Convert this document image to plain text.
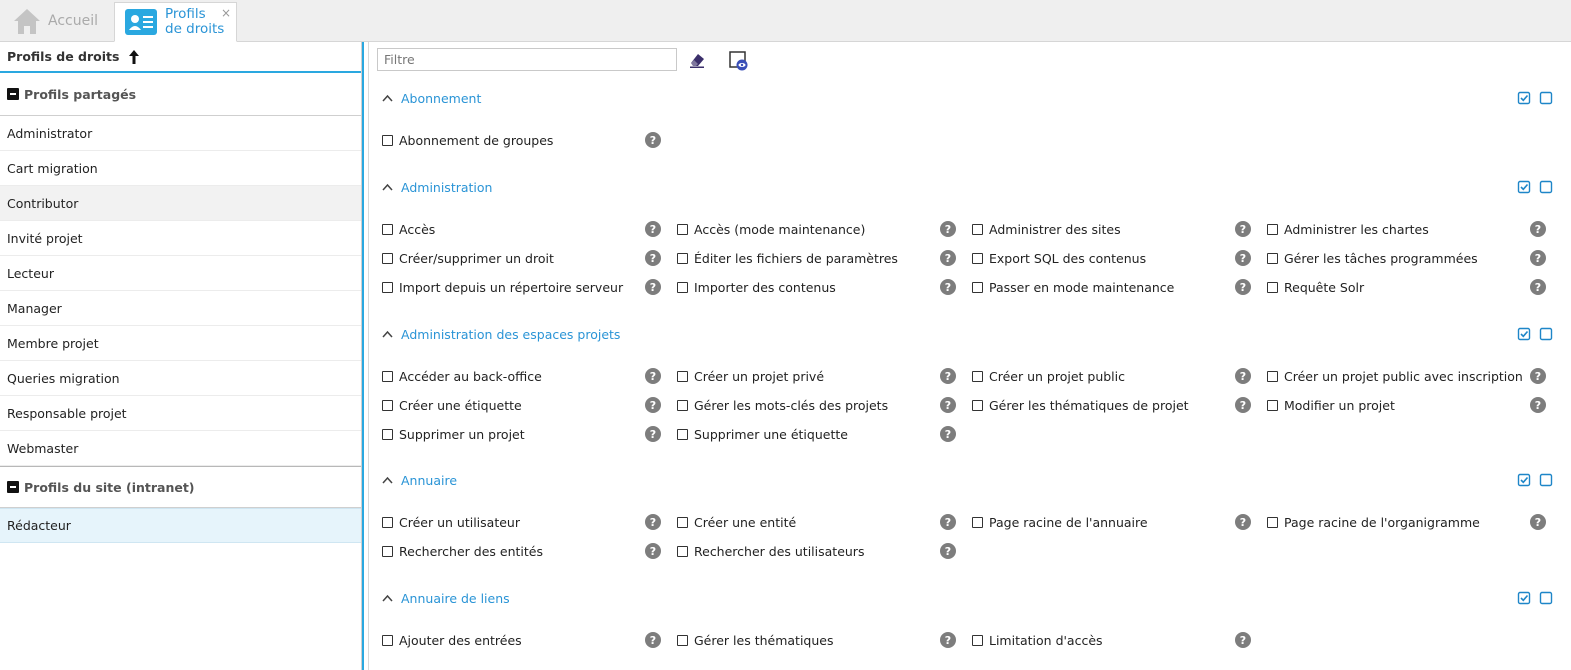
Accueil	Profils de droits
×
Profils de droits
Profils partagés
Administrator
Cart migration
Contributor
Invité projet
Lecteur
Manager
Membre projet
Queries migration
Responsable projet
Webmaster
Profils du site (intranet)
Rédacteur
Filtre
Abonnement
Abonnement de groupes	?
Administration
Accès	?	Accès (mode maintenance)	?	Administrer des sites	?	Administrer les chartes	?
Créer/supprimer un droit	?	Éditer les fichiers de paramètres	?	Export SQL des contenus	?	Gérer les tâches programmées	?
Import depuis un répertoire serveur	?	Importer des contenus	?	Passer en mode maintenance	?	Requête Solr	?
Administration des espaces projets
Accéder au back-office	?	Créer un projet privé	?	Créer un projet public	?	Créer un projet public avec inscription	?
Créer une étiquette	?	Gérer les mots-clés des projets	?	Gérer les thématiques de projet	?	Modifier un projet	?
Supprimer un projet	?	Supprimer une étiquette	?
Annuaire
Créer un utilisateur	?	Créer une entité	?	Page racine de l'annuaire	?	Page racine de l'organigramme	?
Rechercher des entités	?	Rechercher des utilisateurs	?
Annuaire de liens
Ajouter des entrées	?	Gérer les thématiques	?	Limitation d'accès	?
